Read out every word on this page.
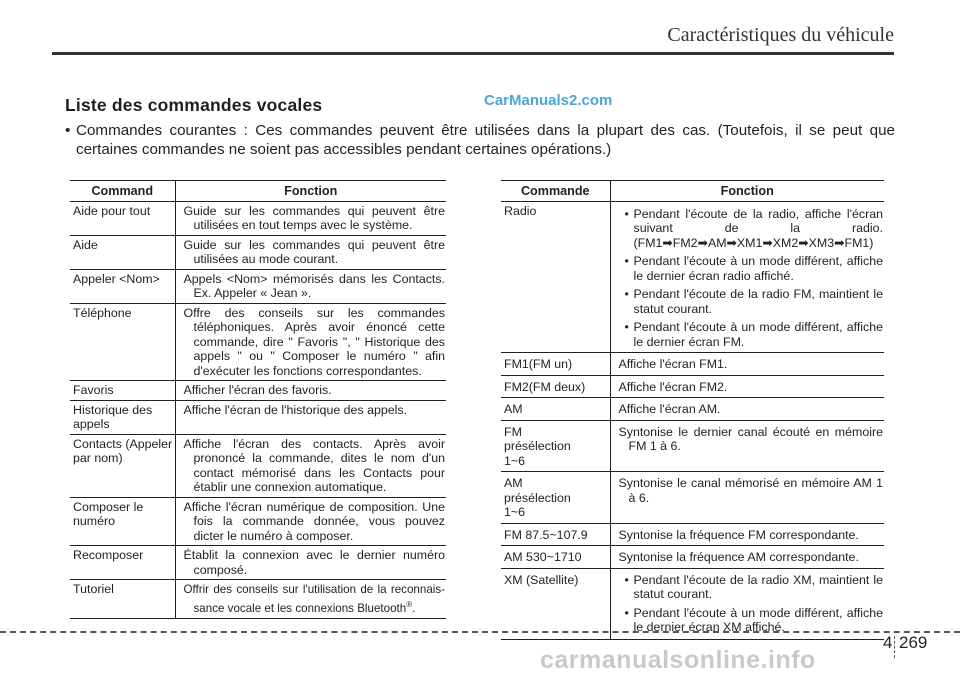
Caractéristiques du véhicule
Liste des commandes vocales	CarManuals2.com
• Commandes courantes : Ces commandes peuvent être utilisées dans la plupart des cas. (Toutefois, il se peut que certaines commandes ne soient pas accessibles pendant certaines opérations.)
Command	Fonction
Aide pour tout	Guide sur les commandes qui peuvent être utilisées en tout temps avec le système.

Aide	Guide sur les commandes qui peuvent être utilisées au mode courant.

Appeler <Nom>	Appels <Nom> mémorisés dans les Contacts. Ex. Appeler « Jean ».

Téléphone	Offre des conseils sur les commandes téléphoniques. Après avoir énoncé cette commande, dire " Favoris ", " Historique des appels " ou " Composer le numéro " afin d'exécuter les fonctions correspondantes.

Favoris	Afficher l'écran des favoris.

Historique des appels	Affiche l'écran de l'historique des appels.

Contacts (Appeler par nom)	Affiche l'écran des contacts. Après avoir prononcé la commande, dites le nom d'un contact mémorisé dans les Contacts pour établir une connexion automatique.

Composer le numéro	Affiche l'écran numérique de composition. Une fois la commande donnée, vous pouvez dicter le numéro à composer.

Recomposer	Établit la connexion avec le dernier numéro composé.

Tutoriel	Offrir des conseils sur l'utilisation de la reconnais-sance vocale et les connexions Bluetooth®.
Commande	Fonction
Radio	• Pendant l'écoute de la radio, affiche l'écran suivant de la radio. (FM1➡FM2➡AM➡XM1➡XM2➡XM3➡FM1)
• Pendant l'écoute à un mode différent, affiche le dernier écran radio affiché.
• Pendant l'écoute de la radio FM, maintient le statut courant.
• Pendant l'écoute à un mode différent, affiche le dernier écran FM.

FM1(FM un)	Affiche l'écran FM1.

FM2(FM deux)	Affiche l'écran FM2.

AM	Affiche l'écran AM.

FM présélection 1~6	Syntonise le dernier canal écouté en mémoire FM 1 à 6.

AM présélection 1~6	Syntonise le canal mémorisé en mémoire AM 1 à 6.

FM 87.5~107.9	Syntonise la fréquence FM correspondante.

AM 530~1710	Syntonise la fréquence AM correspondante.

XM (Satellite)	• Pendant l'écoute de la radio XM, maintient le statut courant.
• Pendant l'écoute à un mode différent, affiche le dernier écran XM affiché.
4 269
carmanualsonline.info
